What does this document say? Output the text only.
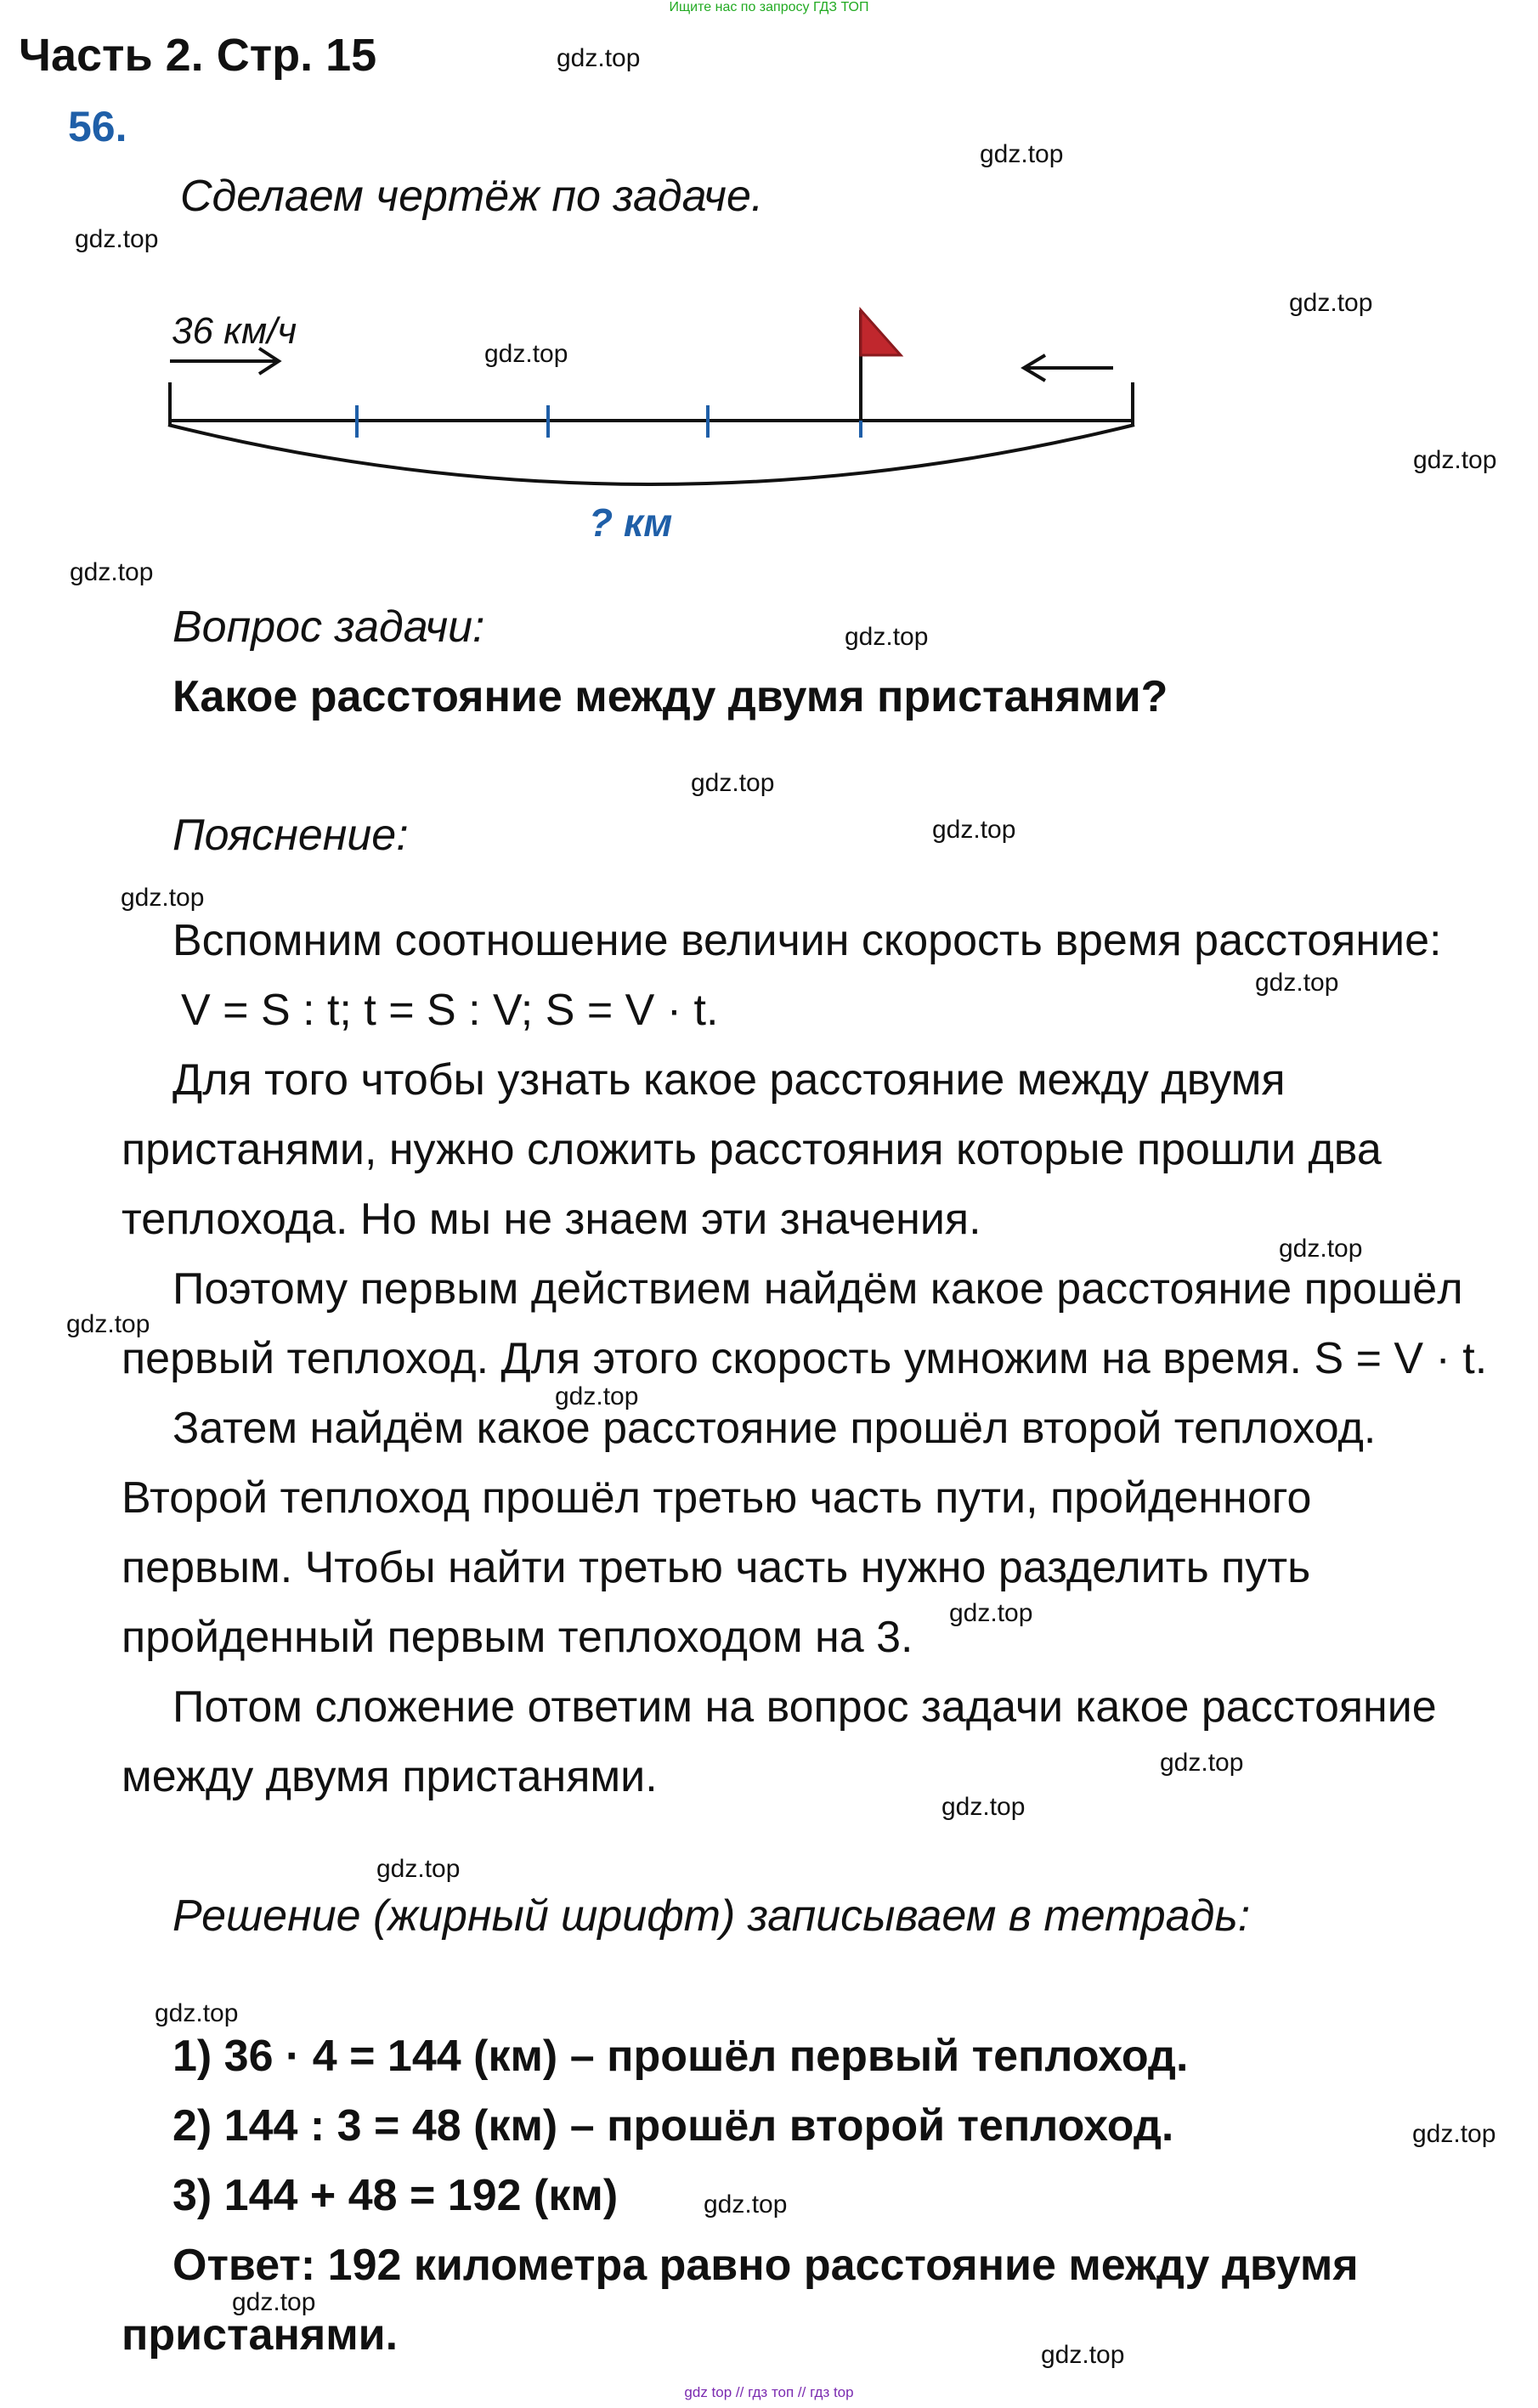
Ищите нас по запросу ГДЗ ТОП
Часть 2. Стр. 15
56.
Сделаем чертёж по задаче.
36 км/ч
? км
Вопрос задачи:
Какое расстояние между двумя пристанями?
Пояснение:
Вспомним соотношение величин скорость время расстояние:
V = S : t; t = S : V; S = V · t.
Для того чтобы узнать какое расстояние между двумя
пристанями, нужно сложить расстояния которые прошли два
теплохода. Но мы не знаем эти значения.
Поэтому первым действием найдём какое расстояние прошёл
первый теплоход. Для этого скорость умножим на время. S = V · t.
Затем найдём какое расстояние прошёл второй теплоход.
Второй теплоход прошёл третью часть пути, пройденного
первым. Чтобы найти третью часть нужно разделить путь
пройденный первым теплоходом на 3.
Потом сложение ответим на вопрос задачи какое расстояние
между двумя пристанями.
Решение (жирный шрифт) записываем в тетрадь:
1) 36 · 4 = 144 (км) – прошёл первый теплоход.
2) 144 : 3 = 48 (км) – прошёл второй теплоход.
3) 144 + 48 = 192 (км)
Ответ: 192 километра равно расстояние между двумя
пристанями.
gdz.top
gdz.top
gdz.top
gdz.top
gdz.top
gdz.top
gdz.top
gdz.top
gdz.top
gdz.top
gdz.top
gdz.top
gdz.top
gdz.top
gdz.top
gdz.top
gdz.top
gdz.top
gdz.top
gdz.top
gdz.top
gdz.top
gdz.top
gdz.top
gdz top // гдз топ // гдз top
